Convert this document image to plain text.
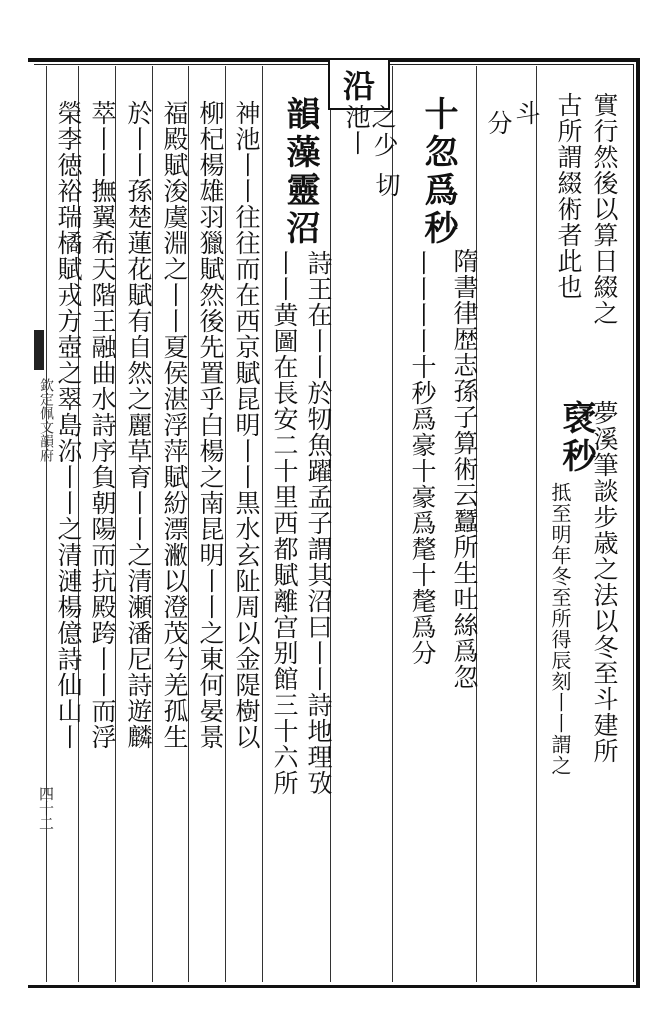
沿
實行然後以算日綴之
古所謂綴術者此也
裦秒
夢溪筆談步歳之法以冬至斗建所
抵至明年冬至所得辰刻丨丨謂之
斗
分
十忽爲秒
隋書律歴志孫子算術云蠶所生吐絲爲忽
丨丨丨丨十秒爲豪十豪爲氂十氂爲分
之
少
切
池丨
韻藻靈沼
詩王在丨丨於牣魚躍孟子謂其沼曰丨丨詩地理攷
丨丨黄圖在長安二十里西都賦離宫别館三十六所
神池丨丨往往而在西京賦昆明丨丨黒水玄阯周以金隄樹以
柳杞楊雄羽獵賦然後先置乎白楊之南昆明丨丨之東何晏景
福殿賦浚虞淵之丨丨夏侯湛浮萍賦紛漂潎以澄茂兮羌孤生
於丨丨孫楚蓮花賦有自然之麗草育丨丨之清瀬潘尼詩遊麟
萃丨丨撫翼希天階王融曲水詩序負朝陽而抗殿跨丨丨而浮
榮李徳裕瑞橘賦戎方壺之翠島沵丨丨之清漣楊億詩仙山丨
欽定佩文韻府
四十二
